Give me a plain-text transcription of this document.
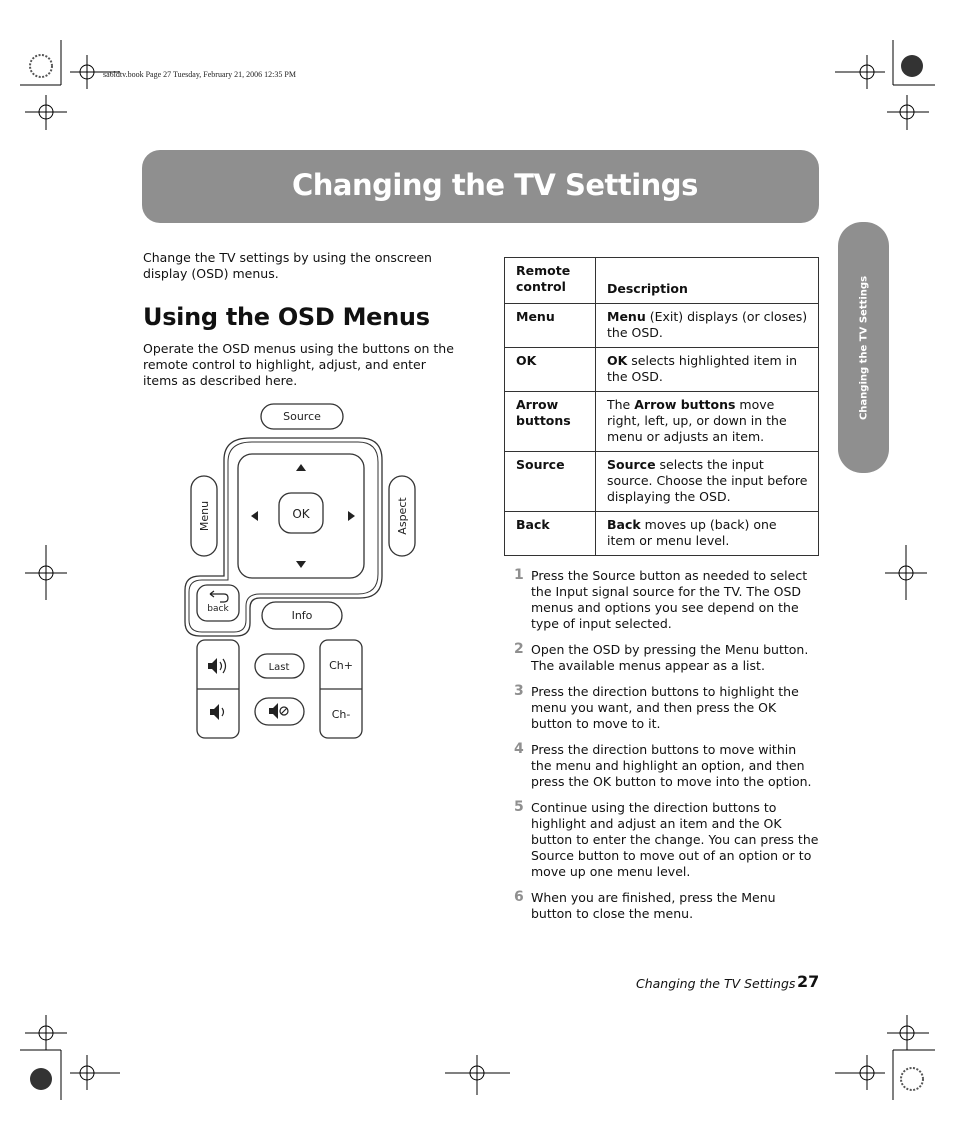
sa6ldtv.book Page 27 Tuesday, February 21, 2006 12:35 PM
Changing the TV Settings
Changing the TV Settings
Change the TV settings by using the onscreen display (OSD) menus.
Using the OSD Menus
Operate the OSD menus using the buttons on the remote control to highlight, adjust, and enter items as described here.
Source
OK
Menu	Aspect
back	Info
Last	Ch+
Ch-
Remote control	Description
Menu	Menu (Exit) displays (or closes) the OSD.
OK	OK selects highlighted item in the OSD.
Arrow buttons	The Arrow buttons move right, left, up, or down in the menu or adjusts an item.
Source	Source selects the input source. Choose the input before displaying the OSD.
Back	Back moves up (back) one item or menu level.
1 Press the Source button as needed to select the Input signal source for the TV. The OSD menus and options you see depend on the type of input selected.
2 Open the OSD by pressing the Menu button. The available menus appear as a list.
3 Press the direction buttons to highlight the menu you want, and then press the OK button to move to it.
4 Press the direction buttons to move within the menu and highlight an option, and then press the OK button to move into the option.
5 Continue using the direction buttons to highlight and adjust an item and the OK button to enter the change. You can press the Source button to move out of an option or to move up one menu level.
6 When you are finished, press the Menu button to close the menu.
Changing the TV Settings 27
